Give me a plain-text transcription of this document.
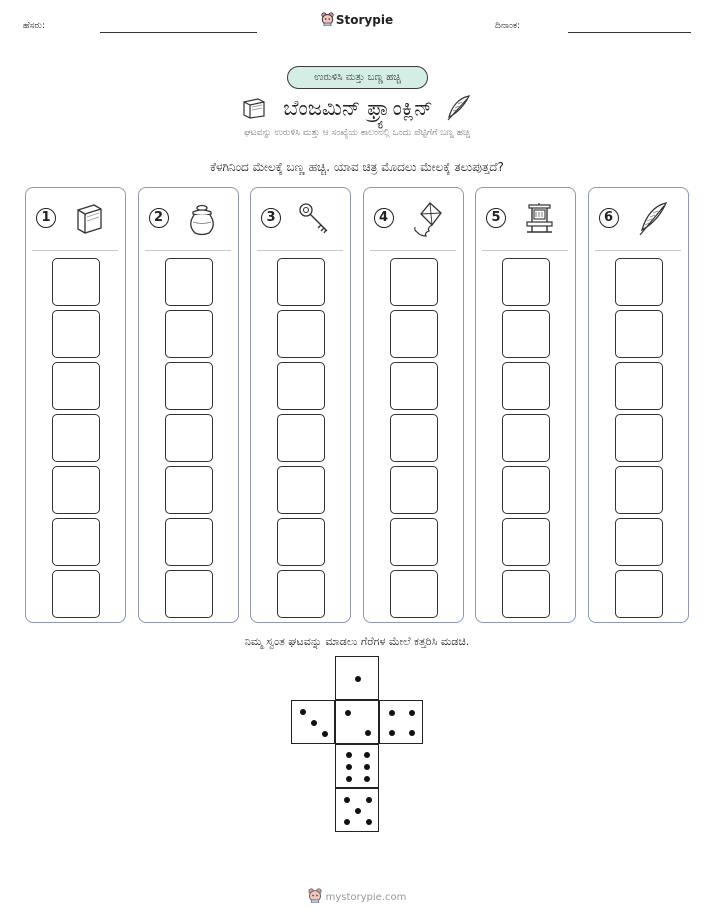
ಹೆಸರು:	Storypie	ದಿನಾಂಕ:
ಉರುಳಿಸಿ ಮತ್ತು ಬಣ್ಣ ಹಚ್ಚಿ
ಬೆಂಜಮಿನ್ ಫ್ರ್ಯಾಂಕ್ಲಿನ್
ಘಟವನ್ನು ಉರುಳಿಸಿ ಮತ್ತು ಆ ಸಂಖ್ಯೆಯ ಕಾಲಂನಲ್ಲಿ ಒಂದು ಪೆಟ್ಟಿಗೆಗೆ ಬಣ್ಣ ಹಚ್ಚಿ
ಕೆಳಗಿನಿಂದ ಮೇಲಕ್ಕೆ ಬಣ್ಣ ಹಚ್ಚಿ. ಯಾವ ಚಿತ್ರ ಮೊದಲು ಮೇಲಕ್ಕೆ ತಲುಪುತ್ತದೆ?
1	2	3	4	5	6
ನಿಮ್ಮ ಸ್ವಂತ ಘಟವನ್ನು ಮಾಡಲು ಗೆರೆಗಳ ಮೇಲೆ ಕತ್ತರಿಸಿ ಮಡಚಿ.
mystorypie.com
